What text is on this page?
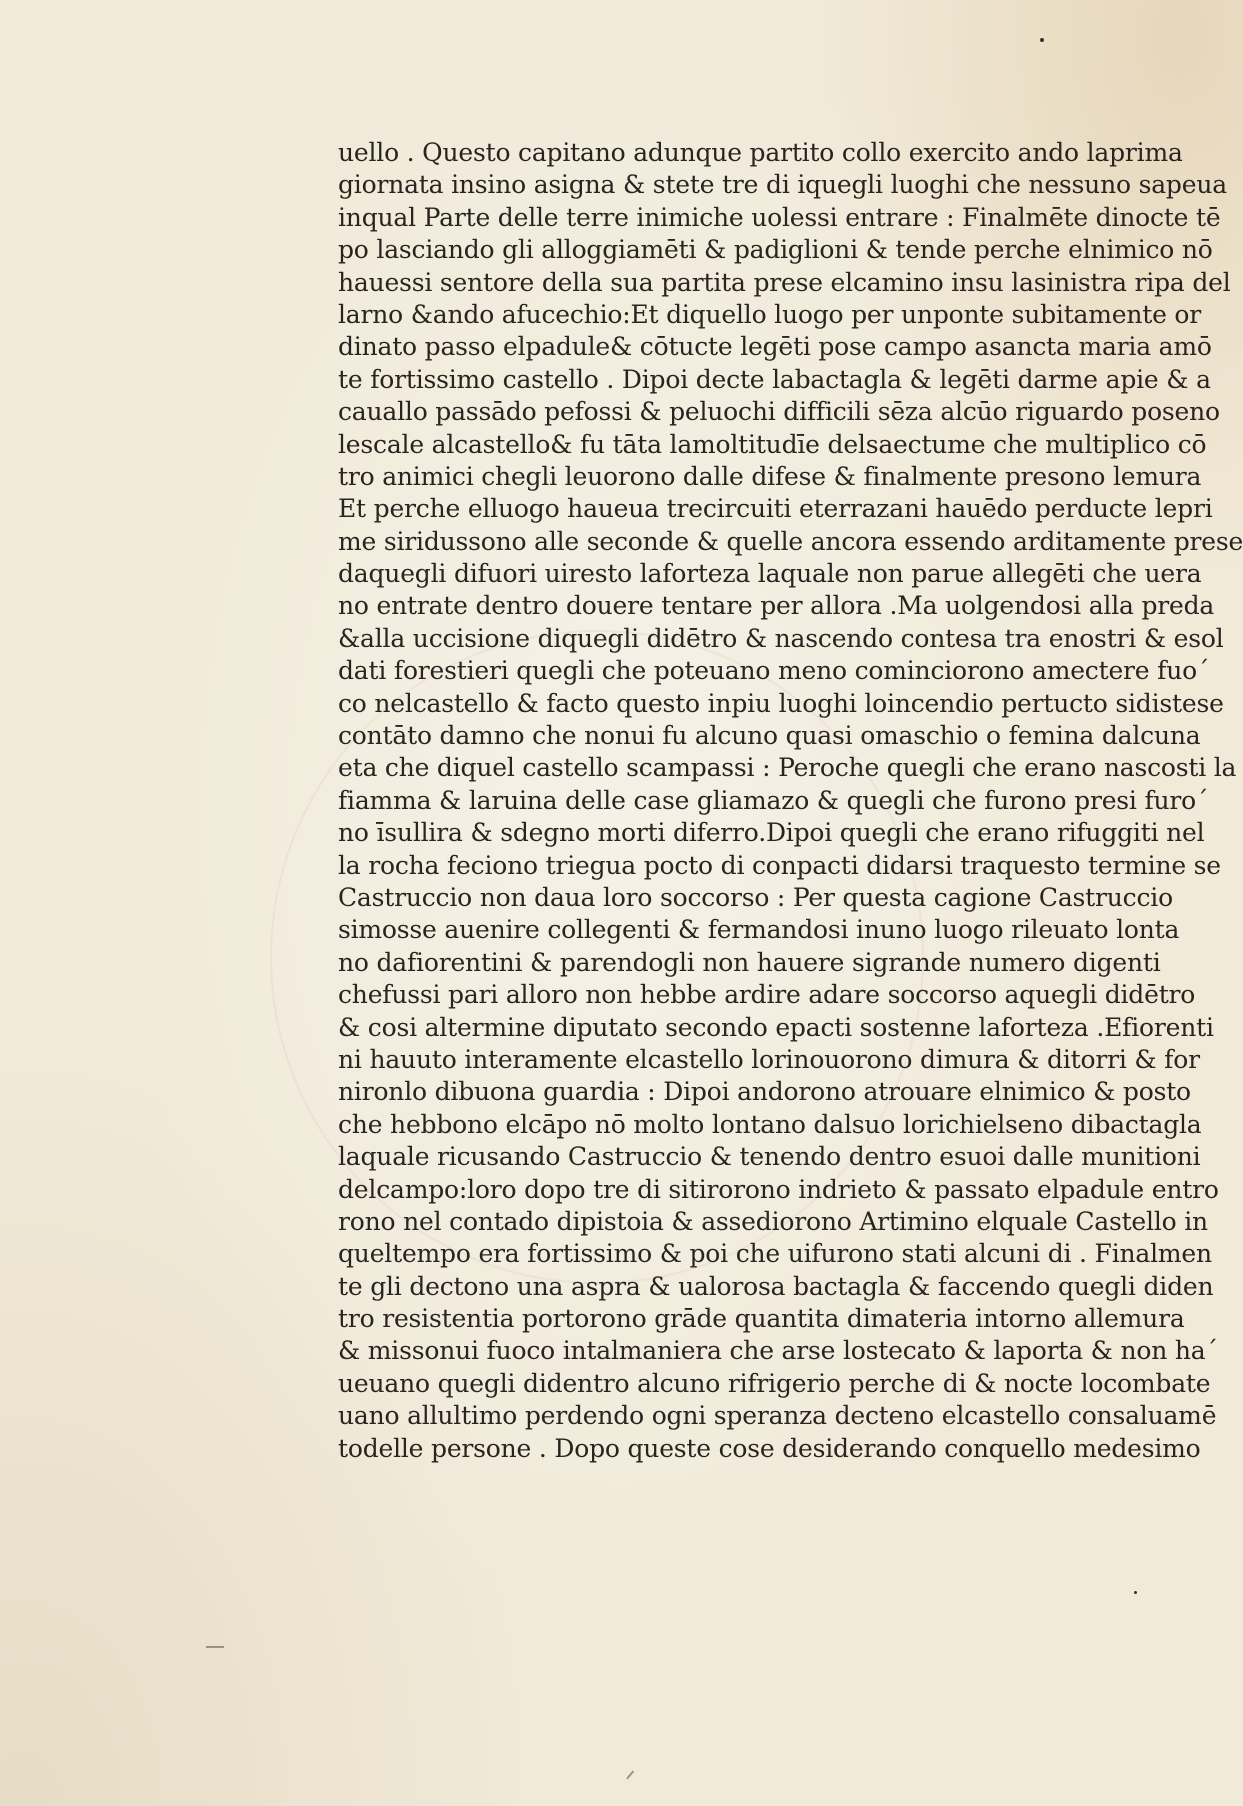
uello . Questo capitano adunque partito collo exercito ando laprima
giornata insino asigna & stete tre di iquegli luoghi che nessuno sapeua
inqual Parte delle terre inimiche uolessi entrare : Finalmēte dinocte tē
po lasciando gli alloggiamēti & padiglioni & tende perche elnimico nō
hauessi sentore della sua partita prese elcamino insu lasinistra ripa del
larno &ando afucechio:Et diquello luogo per unponte subitamente or
dinato passo elpadule& cōtucte legēti pose campo asancta maria amō
te fortissimo castello . Dipoi decte labactagla & legēti darme apie & a
cauallo passādo pefossi & peluochi difficili sēza alcūo riguardo poseno
lescale alcastello& fu tāta lamoltitudīe delsaectume che multiplico cō
tro animici chegli leuorono dalle difese & finalmente presono lemura
Et perche elluogo haueua trecircuiti eterrazani hauēdo perducte lepri
me siridussono alle seconde & quelle ancora essendo arditamente prese
daquegli difuori uiresto laforteza laquale non parue allegēti che uera
no entrate dentro douere tentare per allora .Ma uolgendosi alla preda
&alla uccisione diquegli didētro & nascendo contesa tra enostri & esol
dati forestieri quegli che poteuano meno cominciorono amectere fuo´
co nelcastello & facto questo inpiu luoghi loincendio pertucto sidistese
contāto damno che nonui fu alcuno quasi omaschio o femina dalcuna
eta che diquel castello scampassi : Peroche quegli che erano nascosti la
fiamma & laruina delle case gliamazo & quegli che furono presi furo´
no īsullira & sdegno morti diferro.Dipoi quegli che erano rifuggiti nel
la rocha feciono triegua pocto di conpacti didarsi traquesto termine se
Castruccio non daua loro soccorso : Per questa cagione Castruccio
simosse auenire collegenti & fermandosi inuno luogo rileuato lonta
no dafiorentini & parendogli non hauere sigrande numero digenti
chefussi pari alloro non hebbe ardire adare soccorso aquegli didētro
& cosi altermine diputato secondo epacti sostenne laforteza .Efiorenti
ni hauuto interamente elcastello lorinouorono dimura & ditorri & for
nironlo dibuona guardia : Dipoi andorono atrouare elnimico & posto
che hebbono elcāpo nō molto lontano dalsuo lorichielseno dibactagla
laquale ricusando Castruccio & tenendo dentro esuoi dalle munitioni
delcampo:loro dopo tre di sitirorono indrieto & passato elpadule entro
rono nel contado dipistoia & assediorono Artimino elquale Castello in
queltempo era fortissimo & poi che uifurono stati alcuni di . Finalmen
te gli dectono una aspra & ualorosa bactagla & faccendo quegli diden
tro resistentia portorono grāde quantita dimateria intorno allemura
& missonui fuoco intalmaniera che arse lostecato & laporta & non ha´
ueuano quegli didentro alcuno rifrigerio perche di & nocte locombate
uano allultimo perdendo ogni speranza decteno elcastello consaluamē
todelle persone . Dopo queste cose desiderando conquello medesimo
